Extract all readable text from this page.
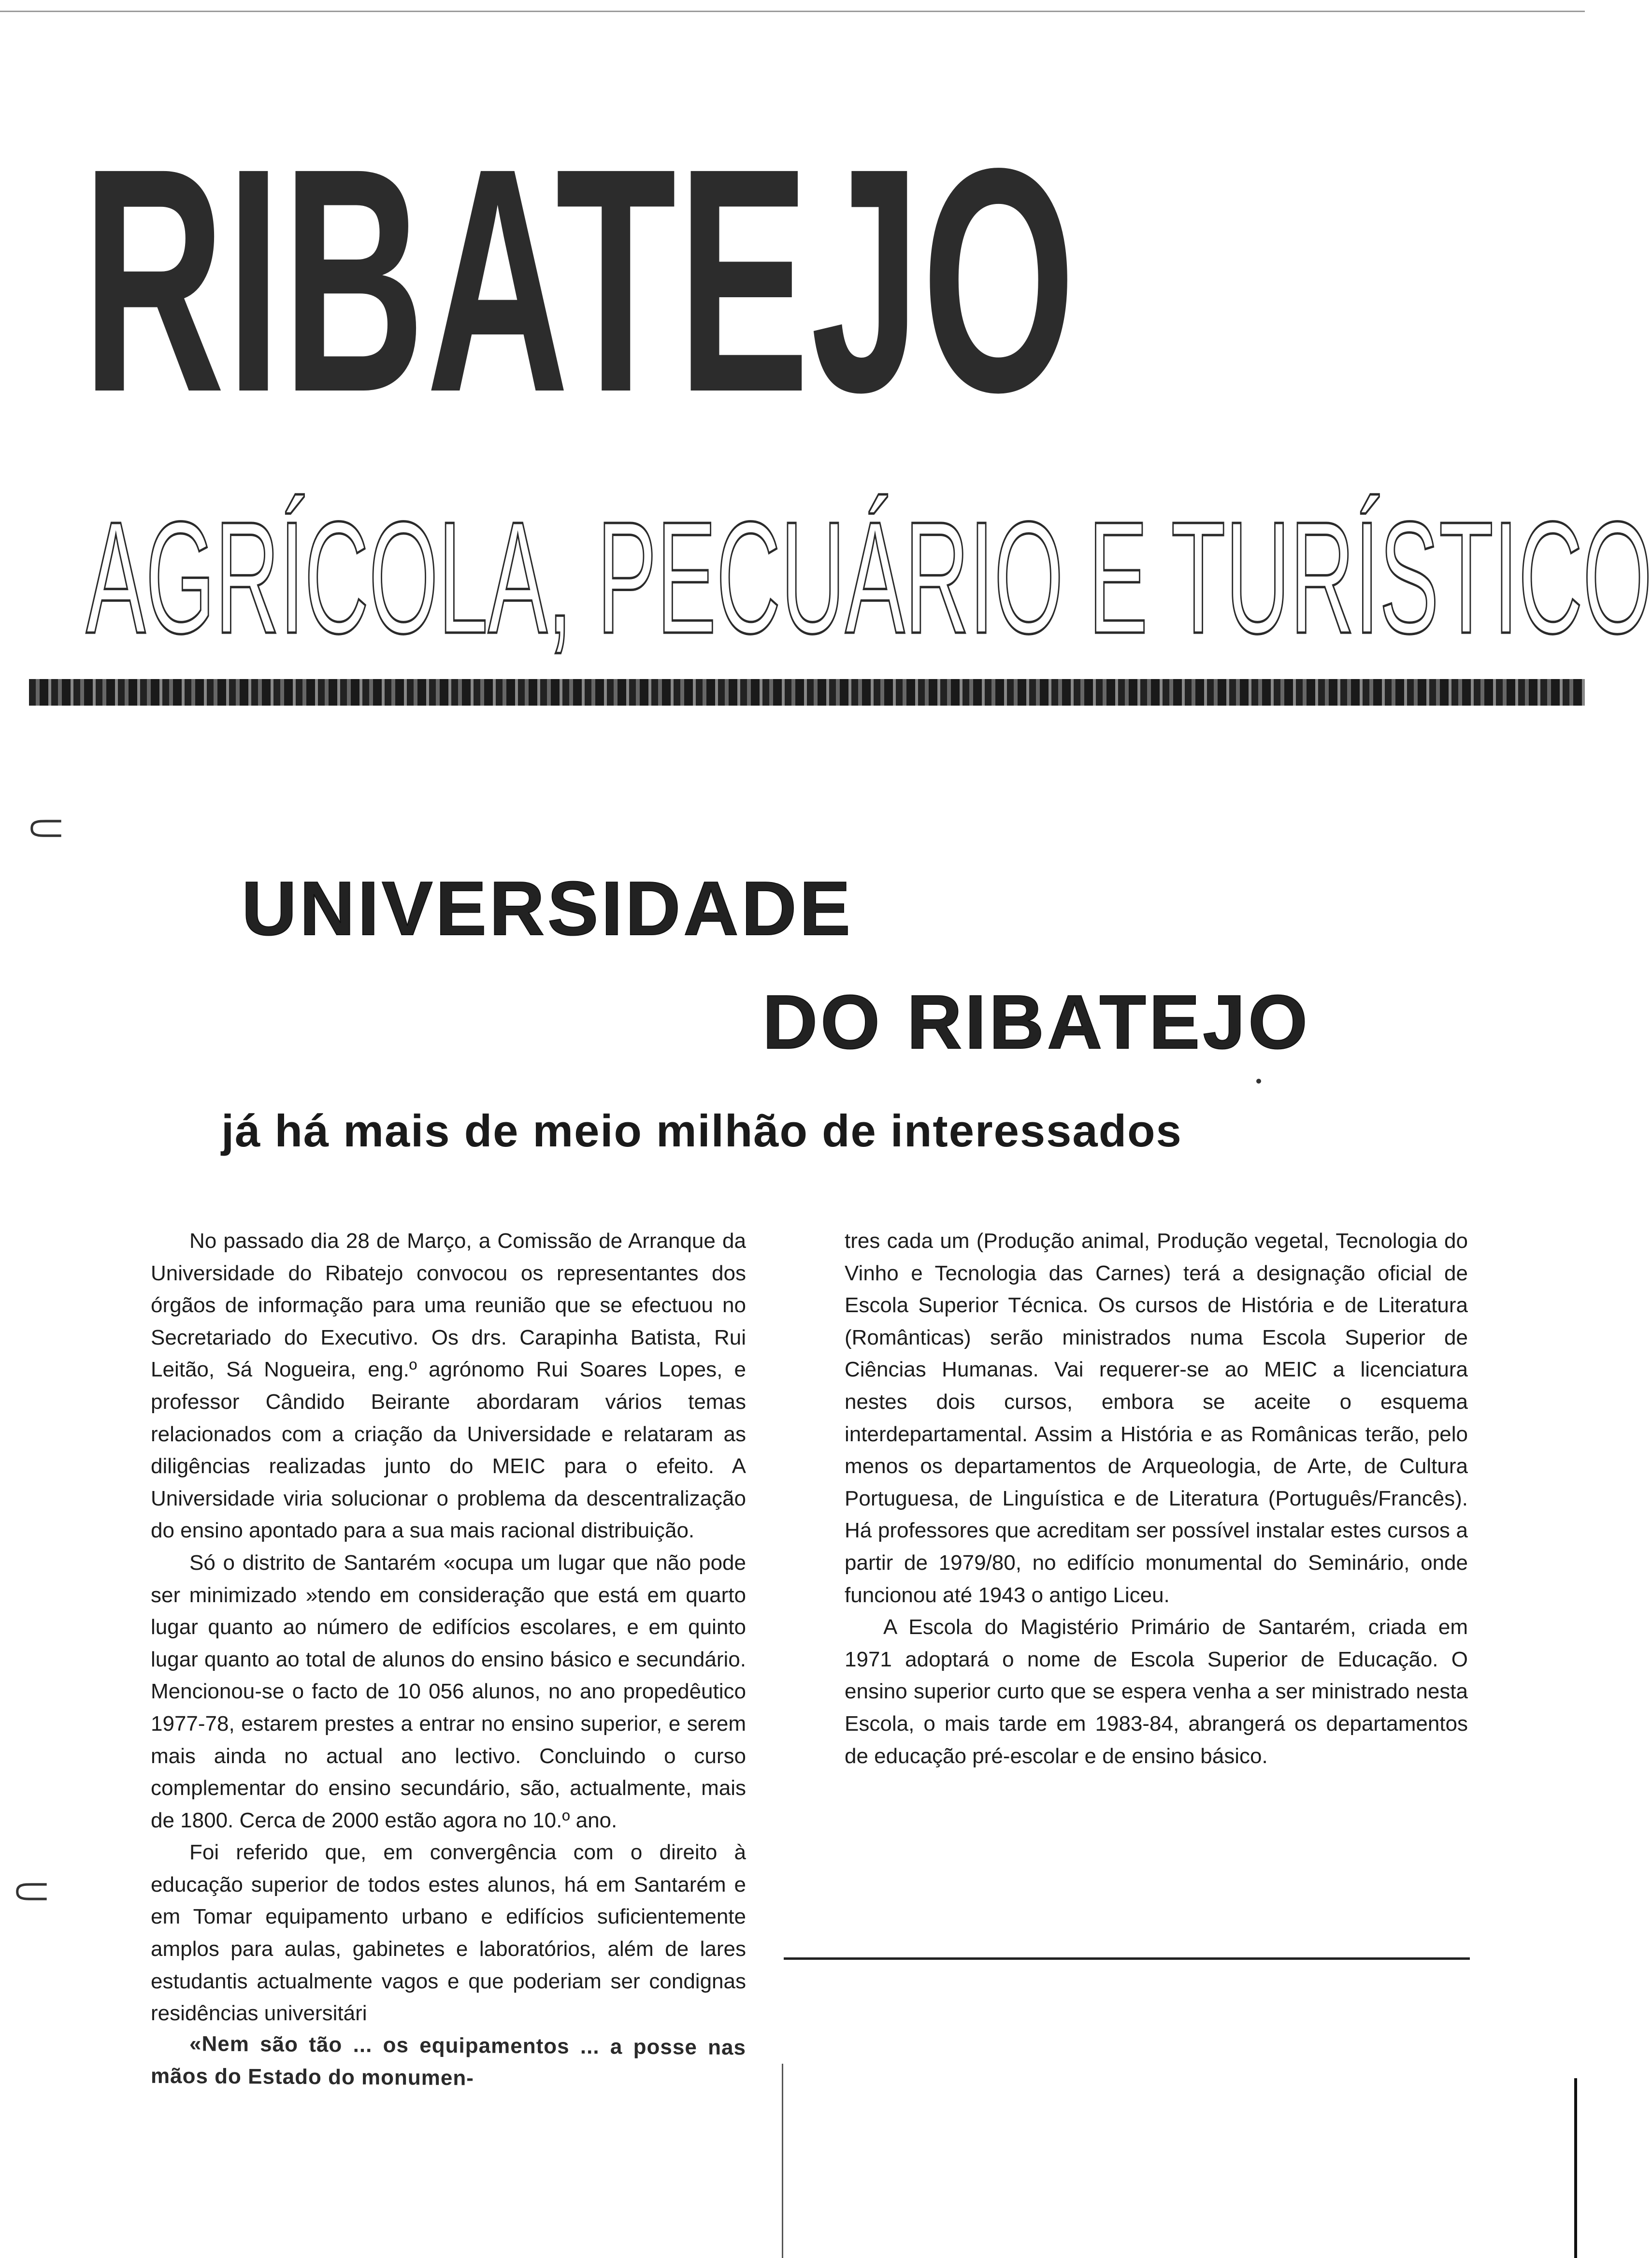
RIBATEJO
AGRÍCOLA, PECUÁRIO E TURÍSTICO
⸦
⸦
UNIVERSIDADE
DO RIBATEJO
já há mais de meio milhão de interessados

No passado dia 28 de Março, a Comissão de Arranque da Universidade do Ribatejo convocou os representantes dos órgãos de informação para uma reunião que se efectuou no Secretariado do Executivo. Os drs. Carapinha Batista, Rui Leitão, Sá Nogueira, eng.º agrónomo Rui Soares Lopes, e professor Cândido Beirante abordaram vários temas relacionados com a criação da Universidade e relataram as diligências realizadas junto do MEIC para o efeito. A Universidade viria solucionar o problema da descentralização do ensino apontado para a sua mais racional distribuição.

Só o distrito de Santarém «ocupa um lugar que não pode ser minimizado »tendo em consideração que está em quarto lugar quanto ao número de edifícios escolares, e em quinto lugar quanto ao total de alunos do ensino básico e secundário. Mencionou-se o facto de 10 056 alunos, no ano propedêutico 1977-78, estarem prestes a entrar no ensino superior, e serem mais ainda no actual ano lectivo. Concluindo o curso complementar do ensino secundário, são, actualmente, mais de 1800. Cerca de 2000 estão agora no 10.º ano.

Foi referido que, em convergência com o direito à educação superior de todos estes alunos, há em Santarém e em Tomar equipamento urbano e edifícios suficientemente amplos para aulas, gabinetes e laboratórios, além de lares estudantis actualmente vagos e que poderiam ser condignas residências universitári

«Nem são tão ... os equipamentos ... a posse nas mãos do Estado do monumen-

tres cada um (Produção animal, Produção vegetal, Tecnologia do Vinho e Tecnologia das Carnes) terá a designação oficial de Escola Superior Técnica. Os cursos de História e de Literatura (Românticas) serão ministrados numa Escola Superior de Ciências Humanas. Vai requerer-se ao MEIC a licenciatura nestes dois cursos, embora se aceite o esquema interdepartamental. Assim a História e as Românicas terão, pelo menos os departamentos de Arqueologia, de Arte, de Cultura Portuguesa, de Linguística e de Literatura (Português/Francês). Há professores que acreditam ser possível instalar estes cursos a partir de 1979/80, no edifício monumental do Seminário, onde funcionou até 1943 o antigo Liceu.

A Escola do Magistério Primário de Santarém, criada em 1971 adoptará o nome de Escola Superior de Educação. O ensino superior curto que se espera venha a ser ministrado nesta Escola, o mais tarde em 1983-84, abrangerá os departamentos de educação pré-escolar e de ensino básico.
